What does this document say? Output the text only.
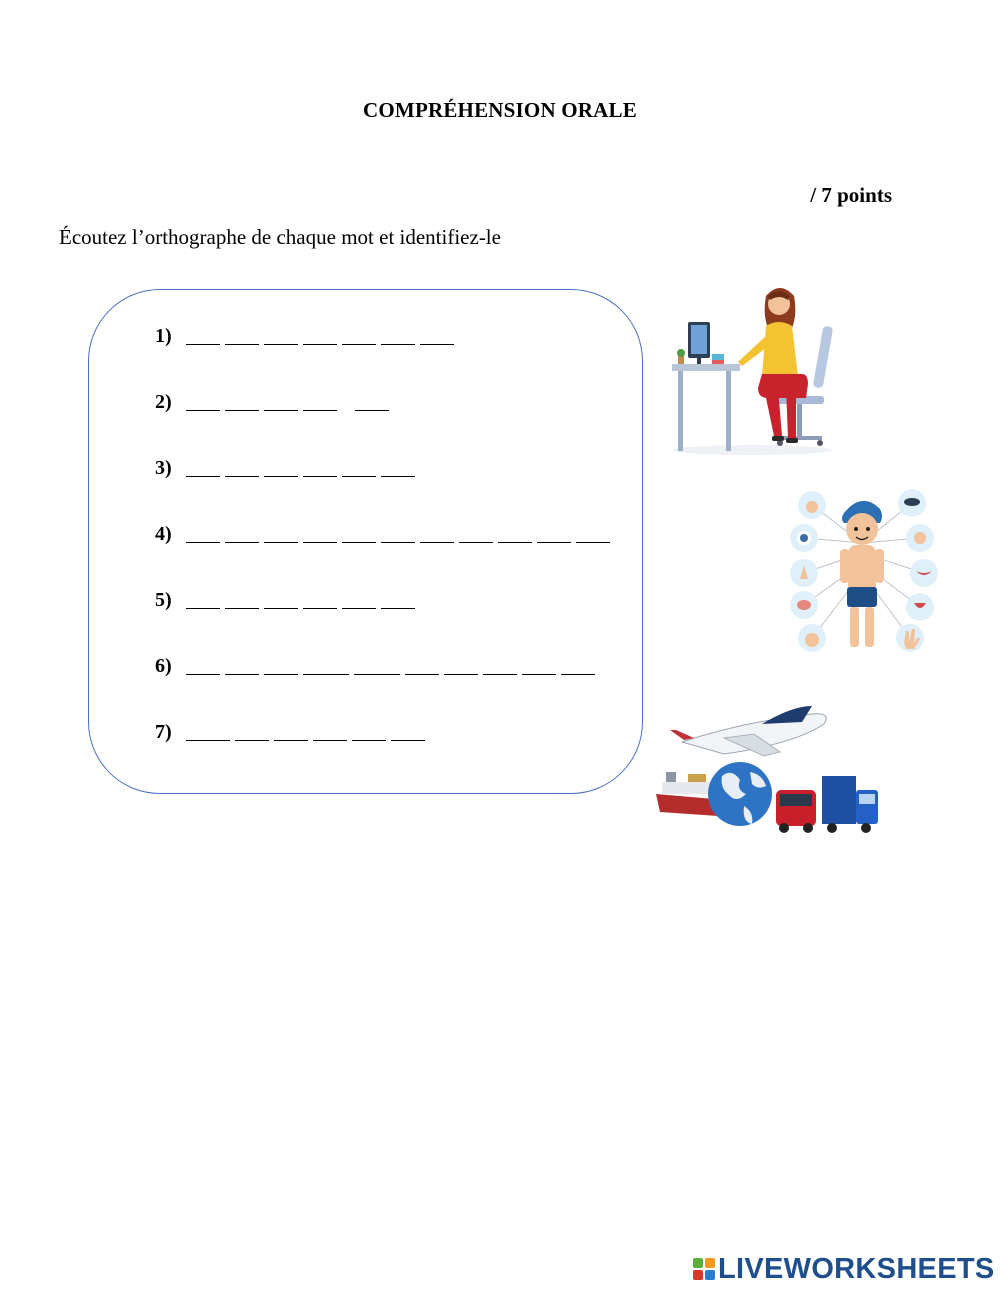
COMPRÉHENSION ORALE
/ 7 points
Écoutez l’orthographe de chaque mot et identifiez-le
1)
2)
3)
4)
5)
6)
7)
LIVEWORKSHEETS
